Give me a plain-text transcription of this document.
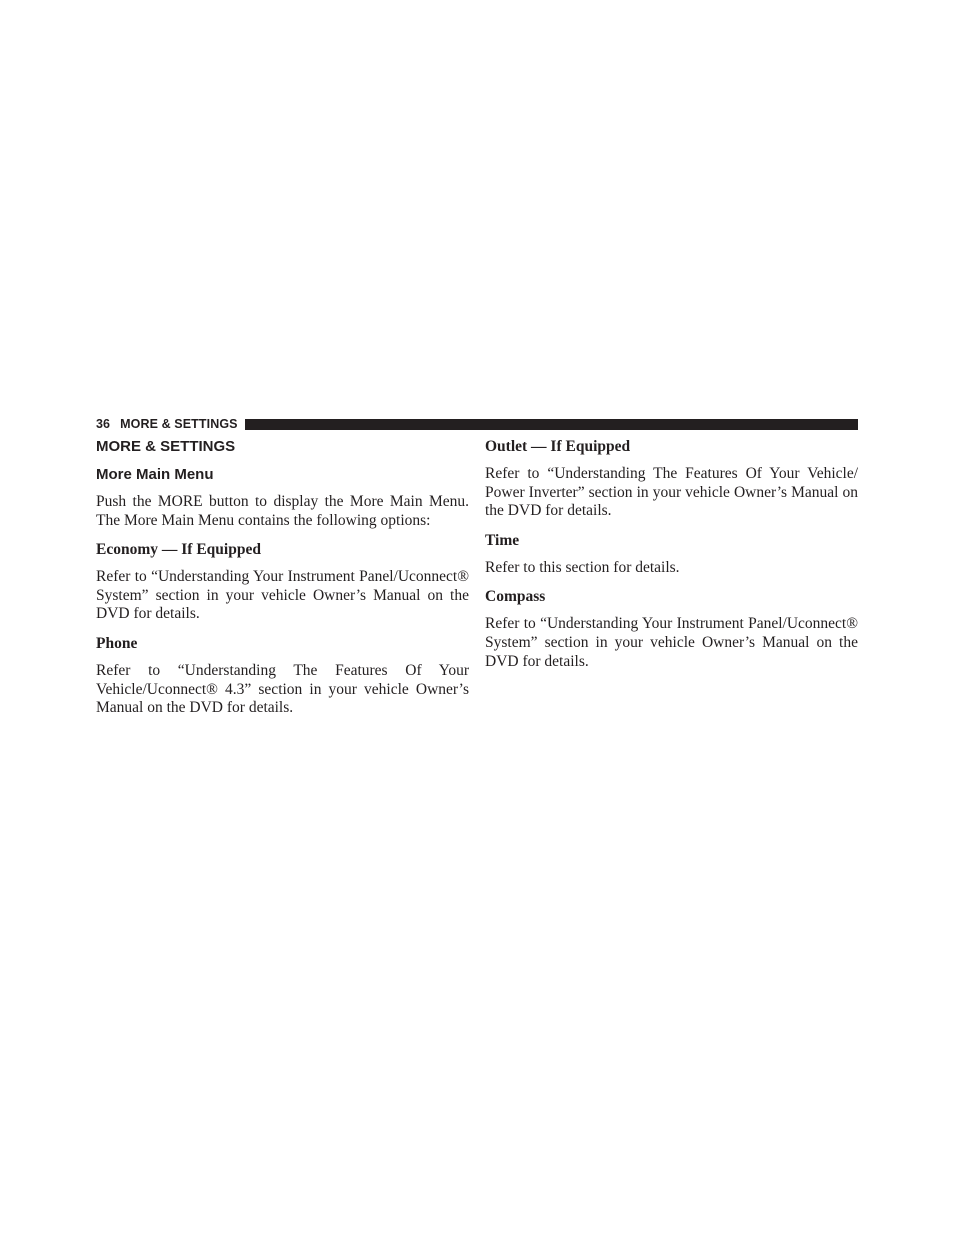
36 MORE & SETTINGS
MORE & SETTINGS
More Main Menu

Push the MORE button to display the More Main Menu. The More Main Menu contains the following options:

Economy — If Equipped

Refer to “Understanding Your Instrument Panel/Uconnect® System” section in your vehicle Owner’s Manual on the DVD for details.

Phone

Refer to “Understanding The Features Of Your Vehicle/Uconnect® 4.3” section in your vehicle Owner’s Manual on the DVD for details.

Outlet — If Equipped

Refer to “Understanding The Features Of Your Vehicle/ Power Inverter” section in your vehicle Owner’s Manual on the DVD for details.

Time

Refer to this section for details.

Compass

Refer to “Understanding Your Instrument Panel/Uconnect® System” section in your vehicle Owner’s Manual on the DVD for details.
